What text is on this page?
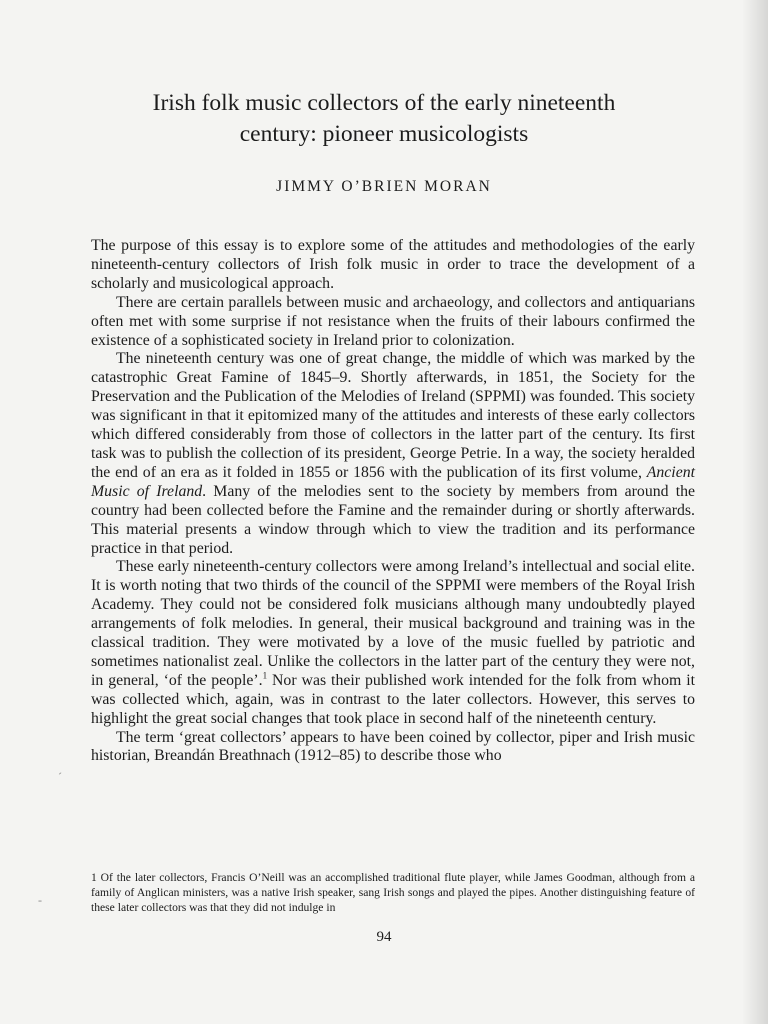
Irish folk music collectors of the early nineteenth
century: pioneer musicologists
JIMMY O’BRIEN MORAN

The purpose of this essay is to explore some of the attitudes and methodologies of the early nineteenth-century collectors of Irish folk music in order to trace the development of a scholarly and musicological approach.

There are certain parallels between music and archaeology, and collectors and antiquarians often met with some surprise if not resistance when the fruits of their labours confirmed the existence of a sophisticated society in Ireland prior to colonization.

The nineteenth century was one of great change, the middle of which was marked by the catastrophic Great Famine of 1845–9. Shortly afterwards, in 1851, the Society for the Preservation and the Publication of the Melodies of Ireland (SPPMI) was founded. This society was significant in that it epitomized many of the attitudes and interests of these early collectors which differed considerably from those of collectors in the latter part of the century. Its first task was to publish the collection of its president, George Petrie. In a way, the society heralded the end of an era as it folded in 1855 or 1856 with the publication of its first volume, Ancient Music of Ireland. Many of the melodies sent to the society by members from around the country had been collected before the Famine and the remainder during or shortly afterwards. This material presents a window through which to view the tradition and its performance practice in that period.

These early nineteenth-century collectors were among Ireland’s intellectual and social elite. It is worth noting that two thirds of the council of the SPPMI were members of the Royal Irish Academy. They could not be considered folk musicians although many undoubtedly played arrangements of folk melodies. In general, their musical background and training was in the classical tradition. They were motivated by a love of the music fuelled by patriotic and sometimes nationalist zeal. Unlike the collectors in the latter part of the century they were not, in general, ‘of the people’.$^1$ Nor was their published work intended for the folk from whom it was collected which, again, was in contrast to the later collectors. However, this serves to highlight the great social changes that took place in second half of the nineteenth century.

The term ‘great collectors’ appears to have been coined by collector, piper and Irish music historian, Breandán Breathnach (1912–85) to describe those who

´
-

1 Of the later collectors, Francis O’Neill was an accomplished traditional flute player, while James Goodman, although from a family of Anglican ministers, was a native Irish speaker, sang Irish songs and played the pipes. Another distinguishing feature of these later collectors was that they did not indulge in

94
